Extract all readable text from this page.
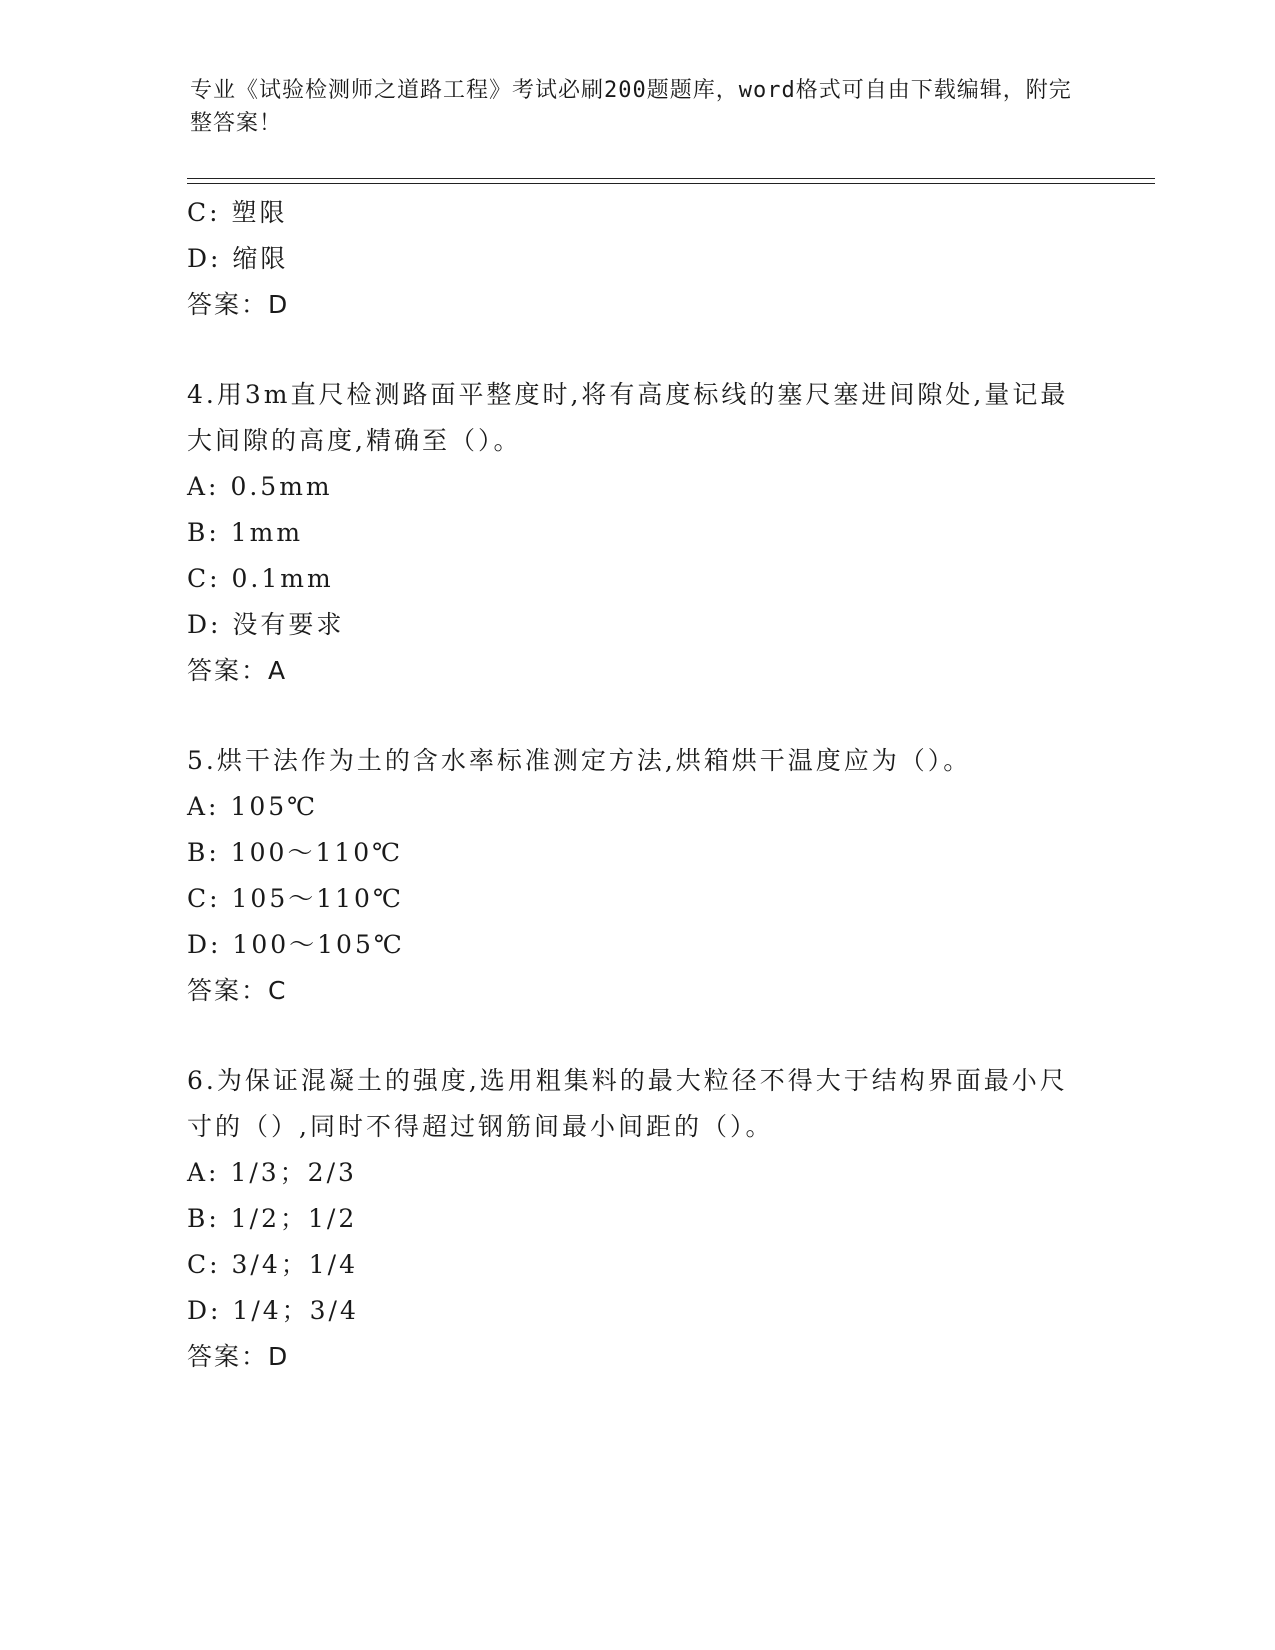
专业《试验检测师之道路工程》考试必刷200题题库，word格式可自由下载编辑，附完整答案！
C: 塑限
D: 缩限
答案：D
4.用3m直尺检测路面平整度时,将有高度标线的塞尺塞进间隙处,量记最大间隙的高度,精确至（）。
A: 0.5mm
B: 1mm
C: 0.1mm
D: 没有要求
答案：A
5.烘干法作为土的含水率标准测定方法,烘箱烘干温度应为（）。
A: 105℃
B: 100～110℃
C: 105～110℃
D: 100～105℃
答案：C
6.为保证混凝土的强度,选用粗集料的最大粒径不得大于结构界面最小尺寸的（）,同时不得超过钢筋间最小间距的（）。
A: 1/3；2/3
B: 1/2；1/2
C: 3/4；1/4
D: 1/4；3/4
答案：D
